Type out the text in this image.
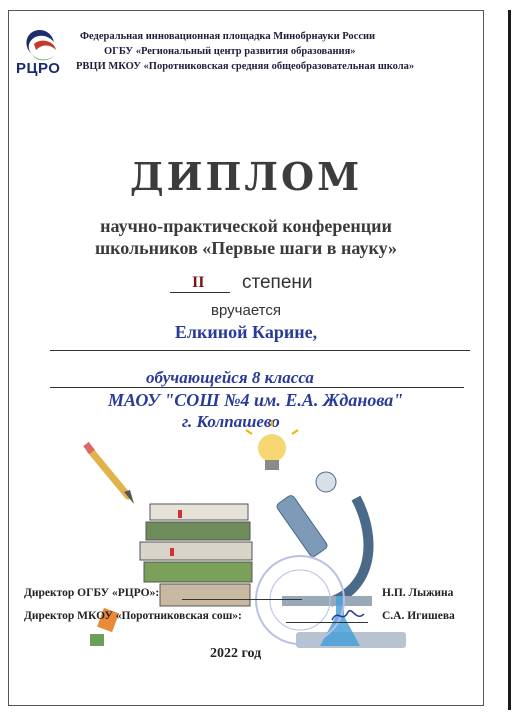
РЦРО
Федеральная инновационная площадка Минобрнауки России
ОГБУ «Региональный центр развития образования»
РВЦИ МКОУ «Поротниковская средняя общеобразовательная школа»
ДИПЛОМ
научно-практической конференции
школьников «Первые шаги в науку»
II степени
вручается
Елкиной Карине,
обучающейся 8 класса
МАОУ "СОШ №4 им. Е.А. Жданова"
г. Колпашево
Директор ОГБУ «РЦРО»:	Н.П. Лыжина
Директор МКОУ «Поротниковская сош»:	С.А. Игишева
2022 год
